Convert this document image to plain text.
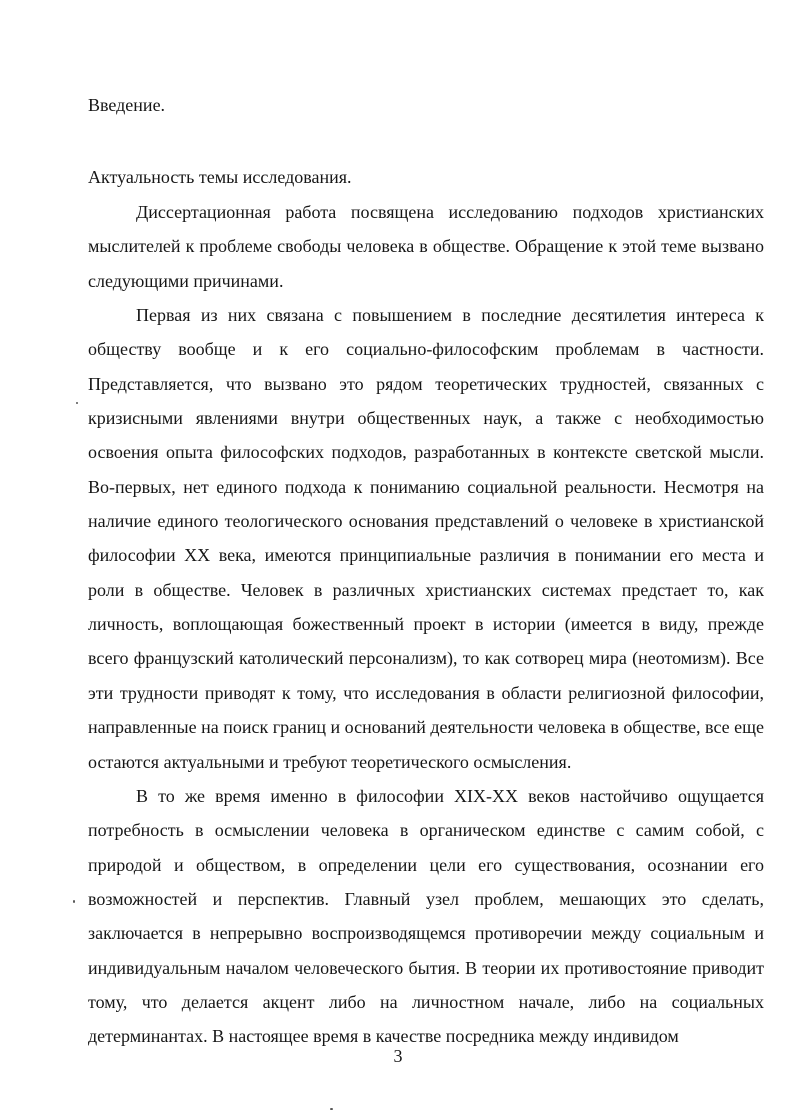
Введение.
Актуальность темы исследования.

Диссертационная работа посвящена исследованию подходов христианских мыслителей к проблеме свободы человека в обществе. Обращение к этой теме вызвано следующими причинами.

Первая из них связана с повышением в последние десятилетия интереса к обществу вообще и к его социально-философским проблемам в частности. Представляется, что вызвано это рядом теоретических трудностей, связанных с кризисными явлениями внутри общественных наук, а также с необходимостью освоения опыта философских подходов, разработанных в контексте светской мысли. Во-первых, нет единого подхода к пониманию социальной реальности. Несмотря на наличие единого теологического основания представлений о человеке в христианской философии XX века, имеются принципиальные различия в понимании его места и роли в обществе. Человек в различных христианских системах предстает то, как личность, воплощающая божественный проект в истории (имеется в виду, прежде всего французский католический персонализм), то как сотворец мира (неотомизм). Все эти трудности приводят к тому, что исследования в области религиозной философии, направленные на поиск границ и оснований деятельности человека в обществе, все еще остаются актуальными и требуют теоретического осмысления.

В то же время именно в философии XIX-XX веков настойчиво ощущается потребность в осмыслении человека в органическом единстве с самим собой, с природой и обществом, в определении цели его существования, осознании его возможностей и перспектив. Главный узел проблем, мешающих это сделать, заключается в непрерывно воспроизводящемся противоречии между социальным и индивидуальным началом человеческого бытия. В теории их противостояние приводит тому, что делается акцент либо на личностном начале, либо на социальных детерминантах. В настоящее время в качестве посредника между индивидом

3
